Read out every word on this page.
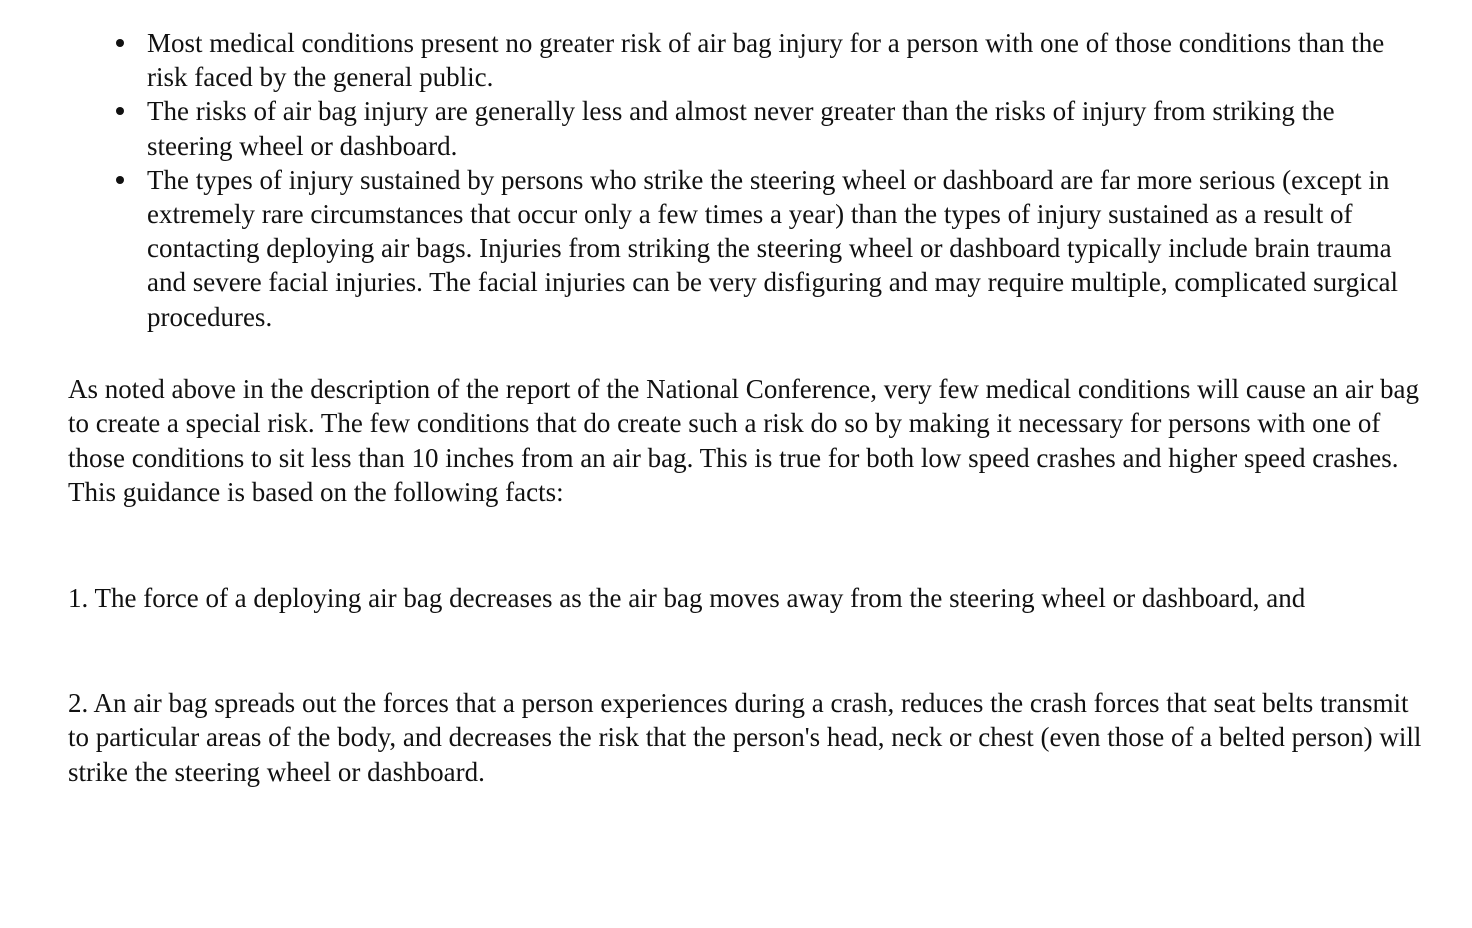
Most medical conditions present no greater risk of air bag injury for a person with one of those conditions than the risk faced by the general public.
The risks of air bag injury are generally less and almost never greater than the risks of injury from striking the steering wheel or dashboard.
The types of injury sustained by persons who strike the steering wheel or dashboard are far more serious (except in extremely rare circumstances that occur only a few times a year) than the types of injury sustained as a result of contacting deploying air bags. Injuries from striking the steering wheel or dashboard typically include brain trauma and severe facial injuries. The facial injuries can be very disfiguring and may require multiple, complicated surgical procedures.

As noted above in the description of the report of the National Conference, very few medical conditions will cause an air bag to create a special risk. The few conditions that do create such a risk do so by making it necessary for persons with one of those conditions to sit less than 10 inches from an air bag. This is true for both low speed crashes and higher speed crashes. This guidance is based on the following facts:

1. The force of a deploying air bag decreases as the air bag moves away from the steering wheel or dashboard, and

2. An air bag spreads out the forces that a person experiences during a crash, reduces the crash forces that seat belts transmit to particular areas of the body, and decreases the risk that the person's head, neck or chest (even those of a belted person) will strike the steering wheel or dashboard.
